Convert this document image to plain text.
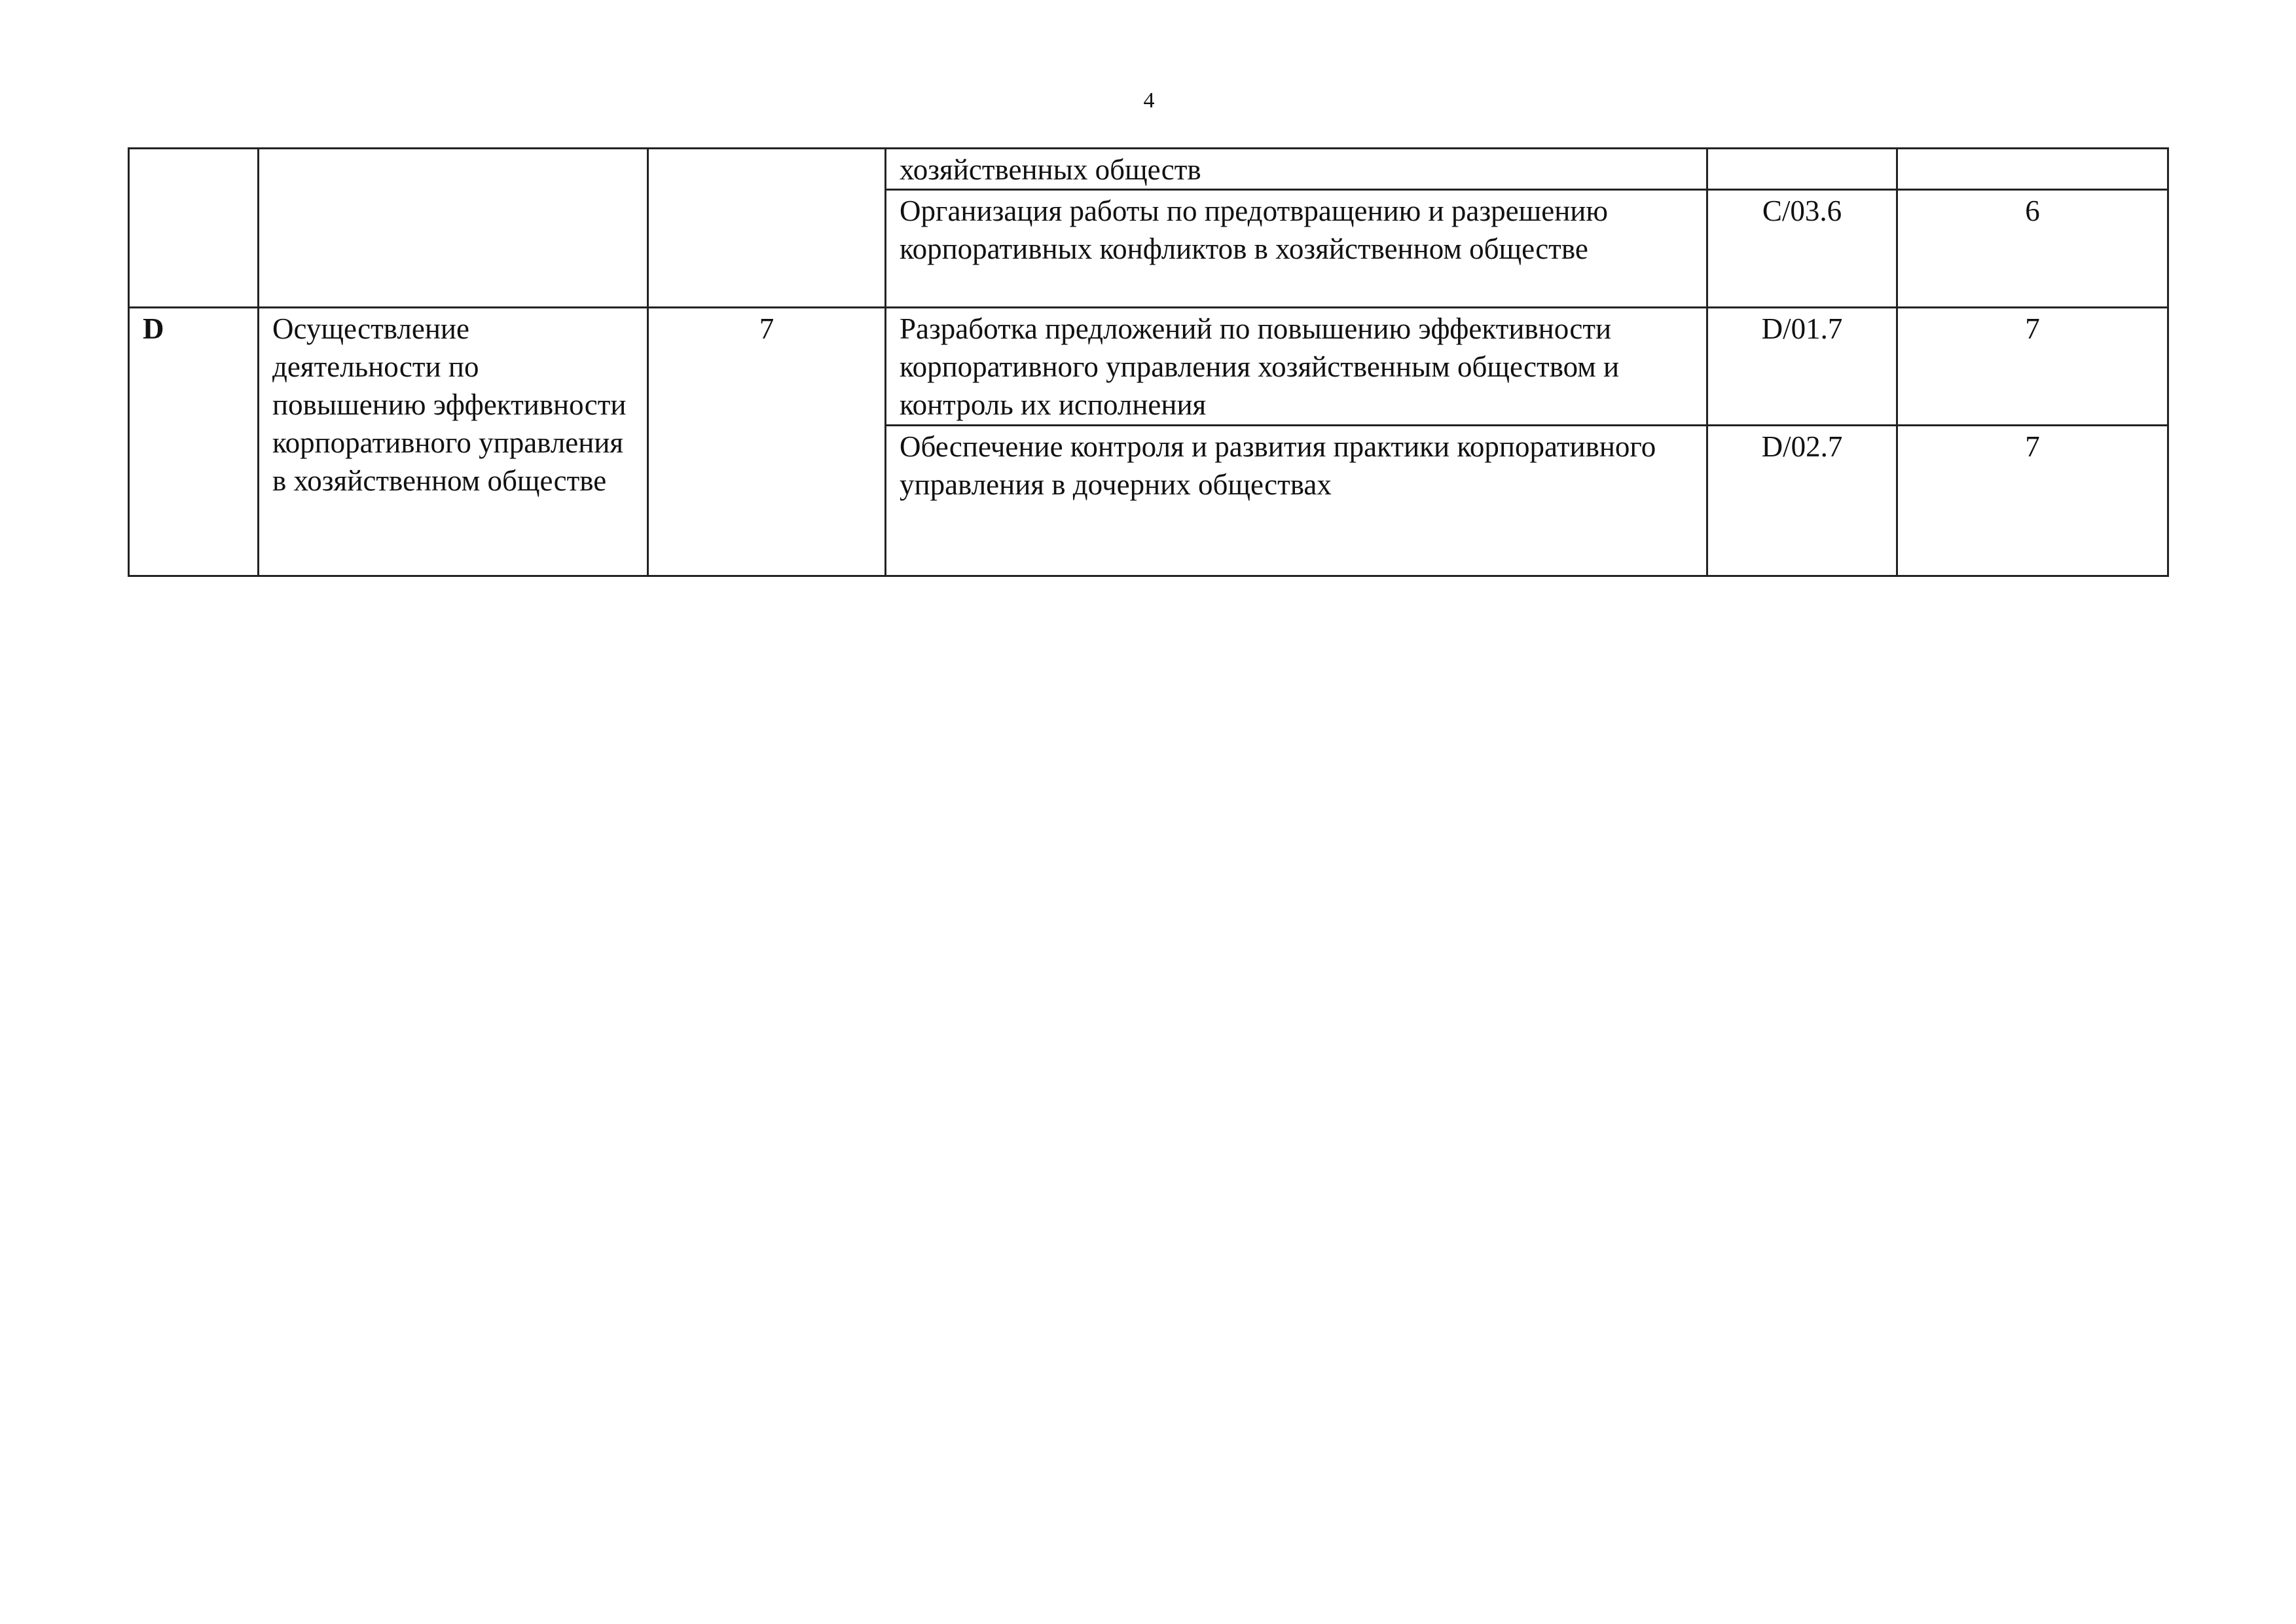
4
			хозяйственных обществ		
			Организация работы по предотвращению и разрешению корпоративных конфликтов в хозяйственном обществе	C/03.6	6
D	Осуществление деятельности по повышению эффективности корпоративного управления в хозяйственном обществе	7	Разработка предложений по повышению эффективности корпоративного управления хозяйственным обществом и контроль их исполнения	D/01.7	7
			Обеспечение контроля и развития практики корпоративного управления в дочерних обществах	D/02.7	7
